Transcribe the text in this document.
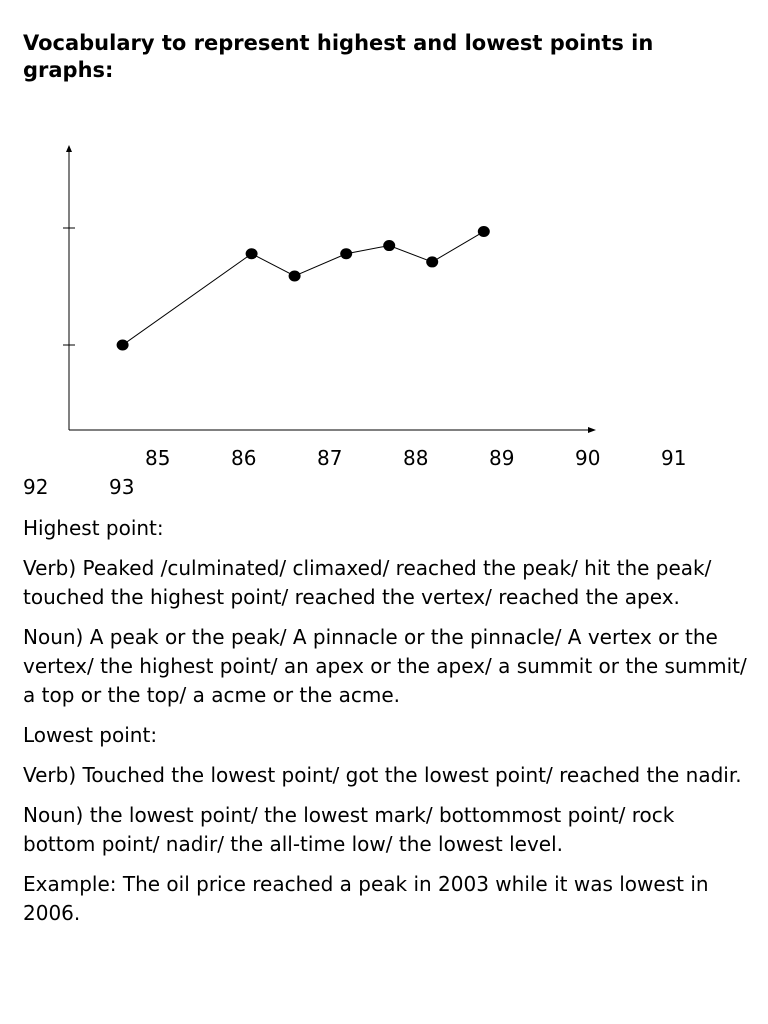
Vocabulary to represent highest and lowest points in graphs:
85	86	87	88	89	90	91
92	93

Highest point:

Verb) Peaked /culminated/ climaxed/ reached the peak/ hit the peak/ touched the highest point/ reached the vertex/ reached the apex.

Noun) A peak or the peak/ A pinnacle or the pinnacle/ A vertex or the vertex/ the highest point/ an apex or the apex/ a summit or the summit/ a top or the top/ a acme or the acme.

Lowest point:

Verb) Touched the lowest point/ got the lowest point/ reached the nadir.

Noun) the lowest point/ the lowest mark/ bottommost point/ rock bottom point/ nadir/ the all-time low/ the lowest level.

Example: The oil price reached a peak in 2003 while it was lowest in 2006.
